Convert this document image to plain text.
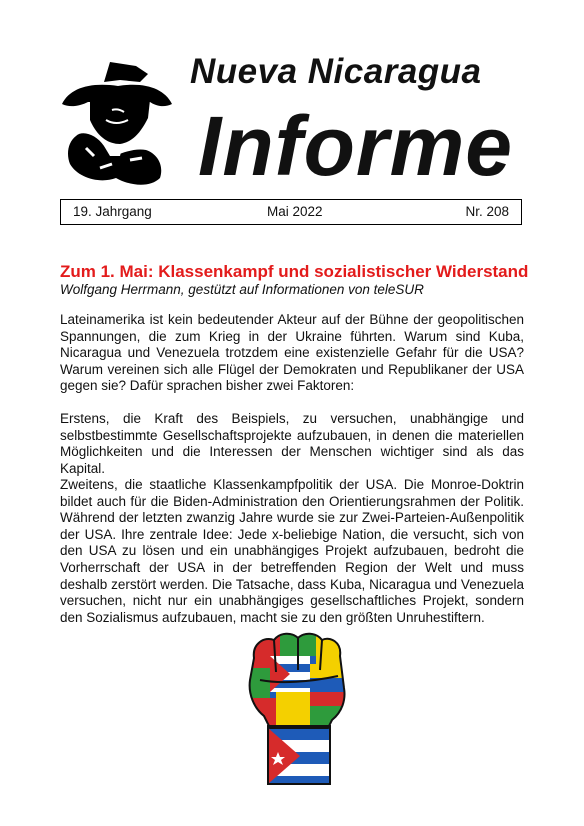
Nueva Nicaragua
Informe
19. Jahrgang	Mai 2022	Nr. 208
Zum 1. Mai: Klassenkampf und sozialistischer Widerstand
Wolfgang Herrmann, gestützt auf Informationen von teleSUR

Lateinamerika ist kein bedeutender Akteur auf der Bühne der geopolitischen Spannungen, die zum Krieg in der Ukraine führten. Warum sind Kuba, Nicaragua und Venezuela trotzdem eine existenzielle Gefahr für die USA? Warum vereinen sich alle Flügel der Demokraten und Republikaner der USA gegen sie? Dafür sprachen bisher zwei Faktoren:

Erstens, die Kraft des Beispiels, zu versuchen, unabhängige und selbstbestimmte Gesellschaftsprojekte aufzubauen, in denen die materiellen Möglichkeiten und die Interessen der Menschen wichtiger sind als das Kapital.

Zweitens, die staatliche Klassenkampfpolitik der USA. Die Monroe-Doktrin bildet auch für die Biden-Administration den Orientierungsrahmen der Politik. Während der letzten zwanzig Jahre wurde sie zur Zwei-Parteien-Außenpolitik der USA. Ihre zentrale Idee: Jede x-beliebige Nation, die versucht, sich von den USA zu lösen und ein unabhängiges Projekt aufzubauen, bedroht die Vorherrschaft der USA in der betreffenden Region der Welt und muss deshalb zerstört werden. Die Tatsache, dass Kuba, Nicaragua und Venezuela versuchen, nicht nur ein unabhängiges gesellschaftliches Projekt, sondern den Sozialismus aufzubauen, macht sie zu den größten Unruhestiftern.
